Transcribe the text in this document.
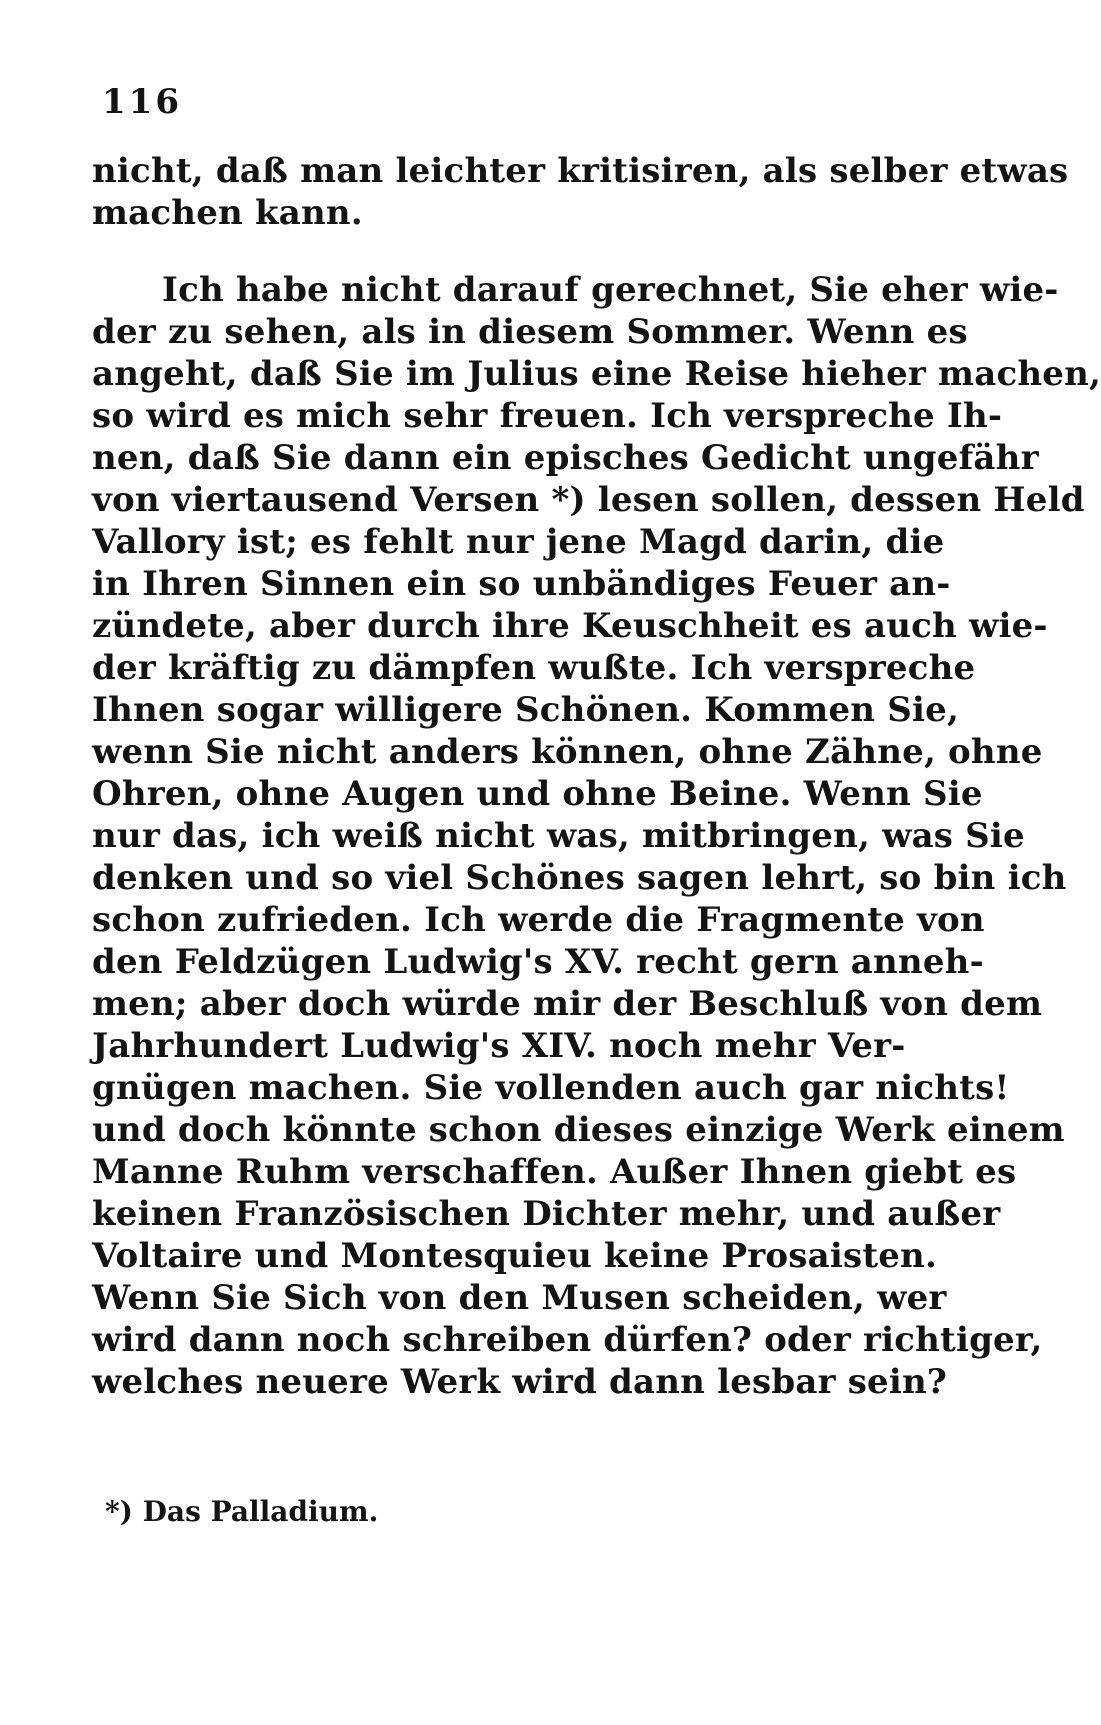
116
nicht, daß man leichter kritisiren, als selber etwas
machen kann.
Ich habe nicht darauf gerechnet, Sie eher wie-
der zu sehen, als in diesem Sommer. Wenn es
angeht, daß Sie im Julius eine Reise hieher machen,
so wird es mich sehr freuen. Ich verspreche Ih-
nen, daß Sie dann ein episches Gedicht ungefähr
von viertausend Versen *) lesen sollen, dessen Held
Vallory ist; es fehlt nur jene Magd darin, die
in Ihren Sinnen ein so unbändiges Feuer an-
zündete, aber durch ihre Keuschheit es auch wie-
der kräftig zu dämpfen wußte. Ich verspreche
Ihnen sogar willigere Schönen. Kommen Sie,
wenn Sie nicht anders können, ohne Zähne, ohne
Ohren, ohne Augen und ohne Beine. Wenn Sie
nur das, ich weiß nicht was, mitbringen, was Sie
denken und so viel Schönes sagen lehrt, so bin ich
schon zufrieden. Ich werde die Fragmente von
den Feldzügen Ludwig's XV. recht gern anneh-
men; aber doch würde mir der Beschluß von dem
Jahrhundert Ludwig's XIV. noch mehr Ver-
gnügen machen. Sie vollenden auch gar nichts!
und doch könnte schon dieses einzige Werk einem
Manne Ruhm verschaffen. Außer Ihnen giebt es
keinen Französischen Dichter mehr, und außer
Voltaire und Montesquieu keine Prosaisten.
Wenn Sie Sich von den Musen scheiden, wer
wird dann noch schreiben dürfen? oder richtiger,
welches neuere Werk wird dann lesbar sein?
*) Das Palladium.
